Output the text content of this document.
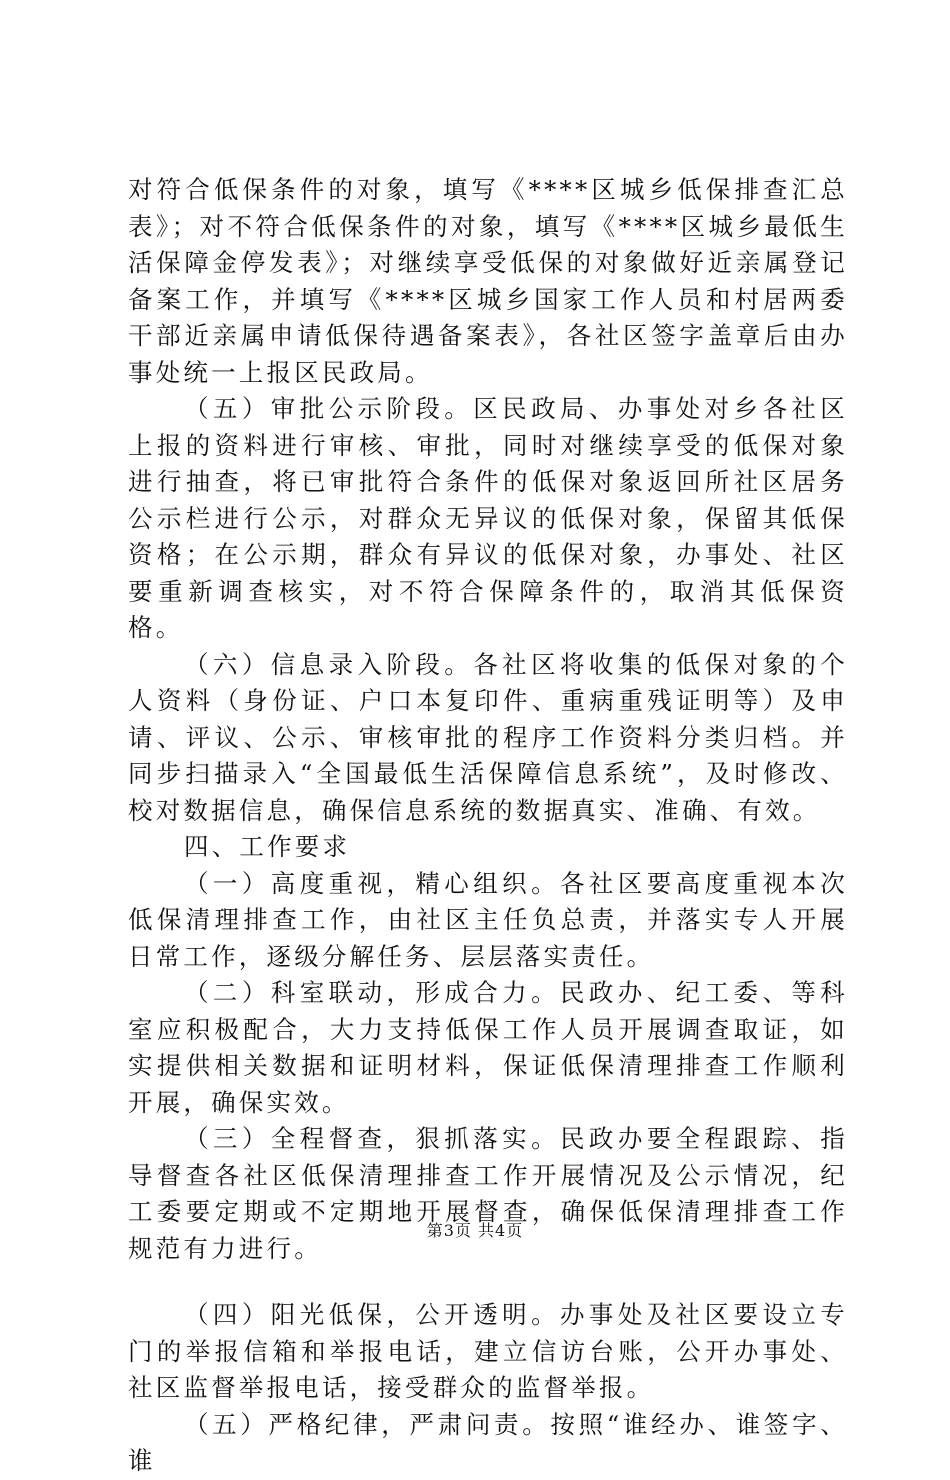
对符合低保条件的对象，填写《****区城乡低保排查汇总表》；对不符合低保条件的对象，填写《****区城乡最低生活保障金停发表》；对继续享受低保的对象做好近亲属登记备案工作，并填写《****区城乡国家工作人员和村居两委干部近亲属申请低保待遇备案表》，各社区签字盖章后由办事处统一上报区民政局。

（五）审批公示阶段。区民政局、办事处对乡各社区上报的资料进行审核、审批，同时对继续享受的低保对象进行抽查，将已审批符合条件的低保对象返回所社区居务公示栏进行公示，对群众无异议的低保对象，保留其低保资格；在公示期，群众有异议的低保对象，办事处、社区要重新调查核实，对不符合保障条件的，取消其低保资格。

（六）信息录入阶段。各社区将收集的低保对象的个人资料（身份证、户口本复印件、重病重残证明等）及申请、评议、公示、审核审批的程序工作资料分类归档。并同步扫描录入“全国最低生活保障信息系统”，及时修改、校对数据信息，确保信息系统的数据真实、准确、有效。

四、工作要求

（一）高度重视，精心组织。各社区要高度重视本次低保清理排查工作，由社区主任负总责，并落实专人开展日常工作，逐级分解任务、层层落实责任。

（二）科室联动，形成合力。民政办、纪工委、等科室应积极配合，大力支持低保工作人员开展调查取证，如实提供相关数据和证明材料，保证低保清理排查工作顺利开展，确保实效。

（三）全程督查，狠抓落实。民政办要全程跟踪、指导督查各社区低保清理排查工作开展情况及公示情况，纪工委要定期或不定期地开展督查，确保低保清理排查工作规范有力进行。

（四）阳光低保，公开透明。办事处及社区要设立专门的举报信箱和举报电话，建立信访台账，公开办事处、社区监督举报电话，接受群众的监督举报。

（五）严格纪律，严肃问责。按照“谁经办、谁签字、谁

第3页 共4页
